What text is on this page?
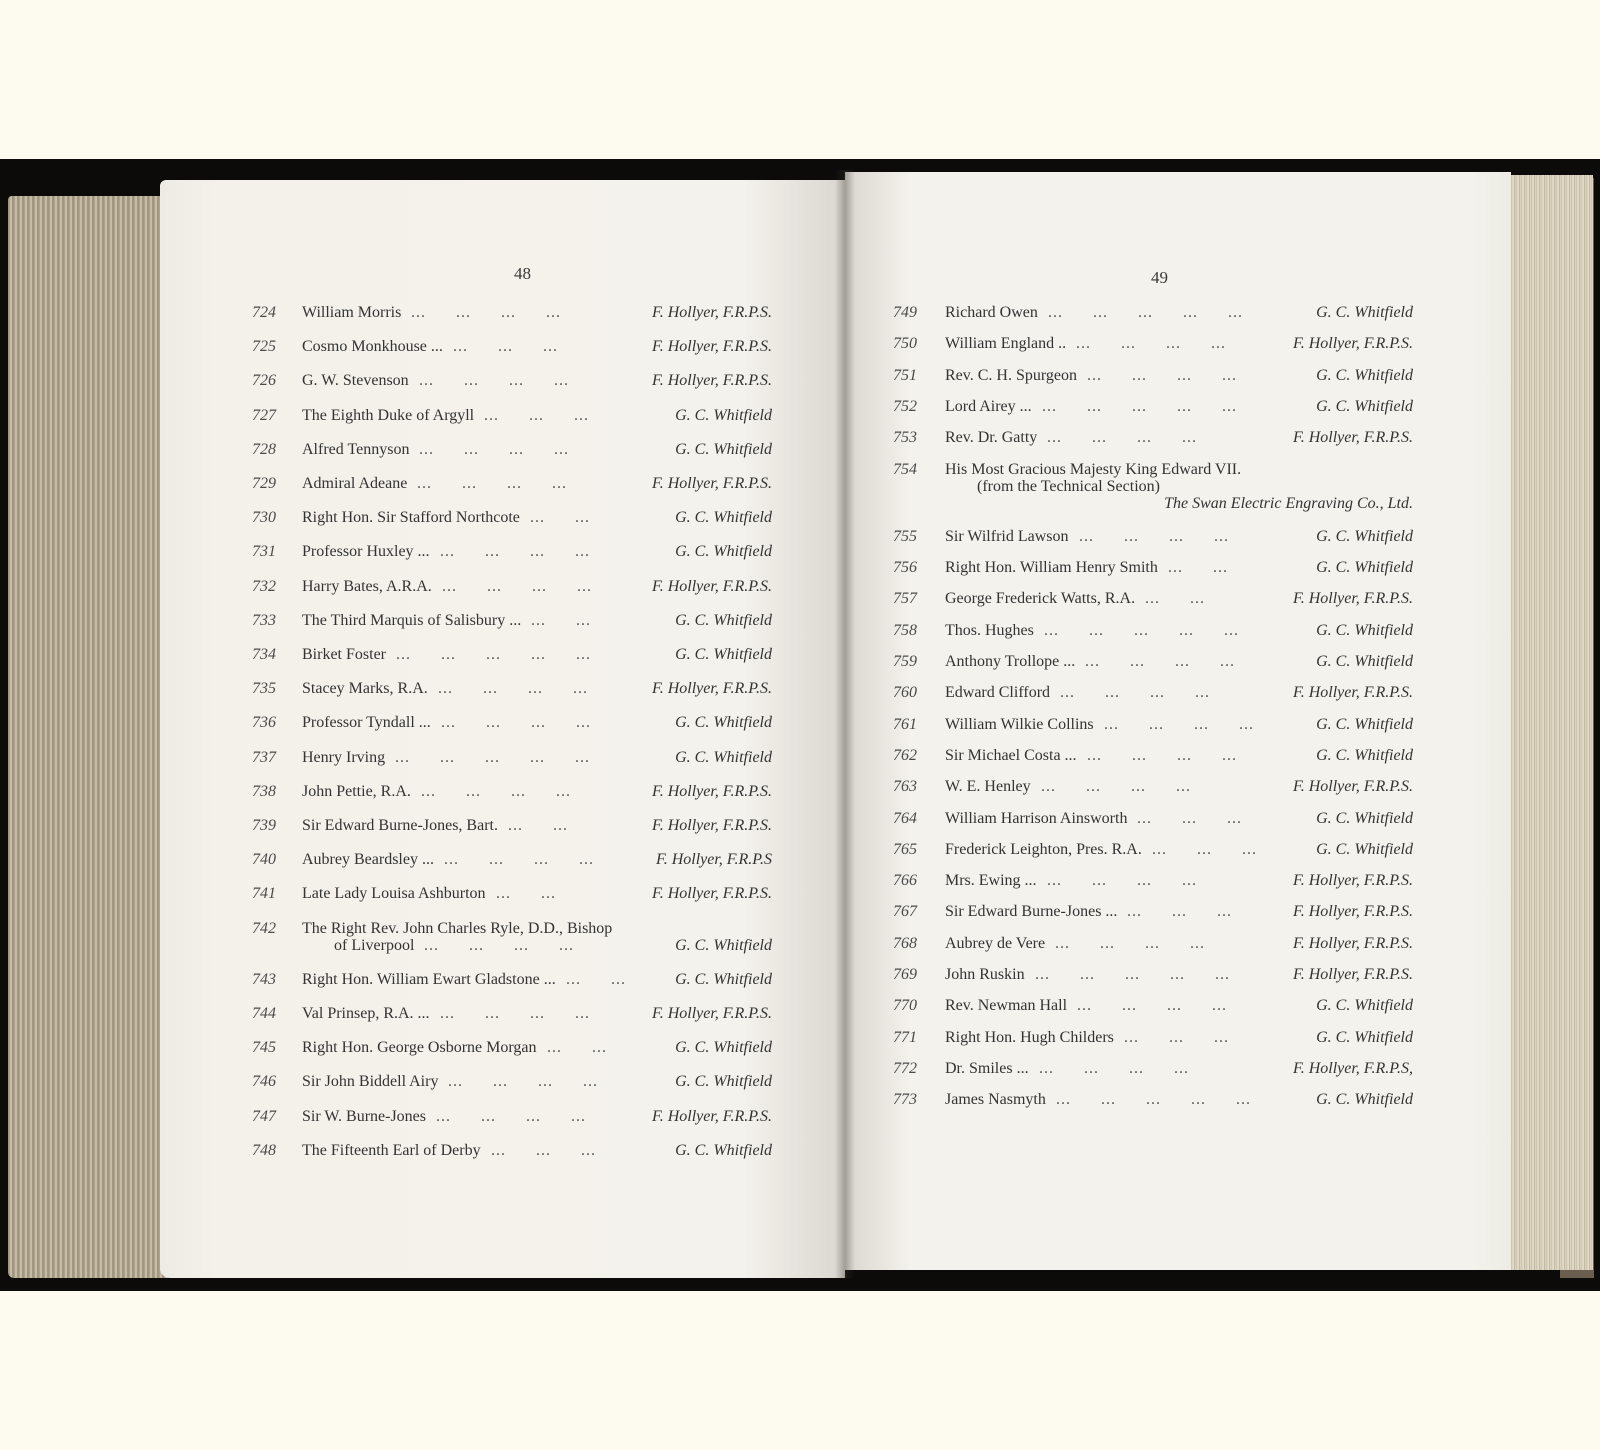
48
724 William Morris	F. Hollyer, F.R.P.S.
...      ...      ...      ...
725 Cosmo Monkhouse ...	F. Hollyer, F.R.P.S.
...      ...      ...
726 G. W. Stevenson	F. Hollyer, F.R.P.S.
...      ...      ...      ...
727 The Eighth Duke of Argyll	G. C. Whitfield
...      ...      ...
728 Alfred Tennyson	G. C. Whitfield
...      ...      ...      ...
729 Admiral Adeane	F. Hollyer, F.R.P.S.
...      ...      ...      ...
730 Right Hon. Sir Stafford Northcote	G. C. Whitfield
...      ...
731 Professor Huxley ...	G. C. Whitfield
...      ...      ...      ...
732 Harry Bates, A.R.A.	F. Hollyer, F.R.P.S.
...      ...      ...      ...
733 The Third Marquis of Salisbury ...	G. C. Whitfield
...      ...
734 Birket Foster	G. C. Whitfield
...      ...      ...      ...      ...
735 Stacey Marks, R.A.	F. Hollyer, F.R.P.S.
...      ...      ...      ...
736 Professor Tyndall ...	G. C. Whitfield
...      ...      ...      ...
737 Henry Irving	G. C. Whitfield
...      ...      ...      ...      ...
738 John Pettie, R.A.	F. Hollyer, F.R.P.S.
...      ...      ...      ...
739 Sir Edward Burne-Jones, Bart.	F. Hollyer, F.R.P.S.
...      ...
740 Aubrey Beardsley ...	F. Hollyer, F.R.P.S
...      ...      ...      ...
741 Late Lady Louisa Ashburton	F. Hollyer, F.R.P.S.
...      ...
742 The Right Rev. John Charles Ryle, D.D., Bishop
of Liverpool	G. C. Whitfield
...      ...      ...      ...
743 Right Hon. William Ewart Gladstone ...	G. C. Whitfield
...      ...
744 Val Prinsep, R.A. ...	F. Hollyer, F.R.P.S.
...      ...      ...      ...
745 Right Hon. George Osborne Morgan	G. C. Whitfield
...      ...
746 Sir John Biddell Airy	G. C. Whitfield
...      ...      ...      ...
747 Sir W. Burne-Jones	F. Hollyer, F.R.P.S.
...      ...      ...      ...
748 The Fifteenth Earl of Derby	G. C. Whitfield
...      ...      ...
49
749 Richard Owen	G. C. Whitfield
...      ...      ...      ...      ...
750 William England ..	F. Hollyer, F.R.P.S.
...      ...      ...      ...
751 Rev. C. H. Spurgeon	G. C. Whitfield
...      ...      ...      ...
752 Lord Airey ...	G. C. Whitfield
...      ...      ...      ...      ...
753 Rev. Dr. Gatty	F. Hollyer, F.R.P.S.
...      ...      ...      ...
754 His Most Gracious Majesty King Edward VII.
(from the Technical Section)
The Swan Electric Engraving Co., Ltd.
755 Sir Wilfrid Lawson	G. C. Whitfield
...      ...      ...      ...
756 Right Hon. William Henry Smith	G. C. Whitfield
...      ...
757 George Frederick Watts, R.A.	F. Hollyer, F.R.P.S.
...      ...
758 Thos. Hughes	G. C. Whitfield
...      ...      ...      ...      ...
759 Anthony Trollope ...	G. C. Whitfield
...      ...      ...      ...
760 Edward Clifford	F. Hollyer, F.R.P.S.
...      ...      ...      ...
761 William Wilkie Collins	G. C. Whitfield
...      ...      ...      ...
762 Sir Michael Costa ...	G. C. Whitfield
...      ...      ...      ...
763 W. E. Henley	F. Hollyer, F.R.P.S.
...      ...      ...      ...
764 William Harrison Ainsworth	G. C. Whitfield
...      ...      ...
765 Frederick Leighton, Pres. R.A.	G. C. Whitfield
...      ...      ...
766 Mrs. Ewing ...	F. Hollyer, F.R.P.S.
...      ...      ...      ...
767 Sir Edward Burne-Jones ...	F. Hollyer, F.R.P.S.
...      ...      ...
768 Aubrey de Vere	F. Hollyer, F.R.P.S.
...      ...      ...      ...
769 John Ruskin	F. Hollyer, F.R.P.S.
...      ...      ...      ...      ...
770 Rev. Newman Hall	G. C. Whitfield
...      ...      ...      ...
771 Right Hon. Hugh Childers	G. C. Whitfield
...      ...      ...
772 Dr. Smiles ...	F. Hollyer, F.R.P.S,
...      ...      ...      ...
773 James Nasmyth	G. C. Whitfield
...      ...      ...      ...      ...
